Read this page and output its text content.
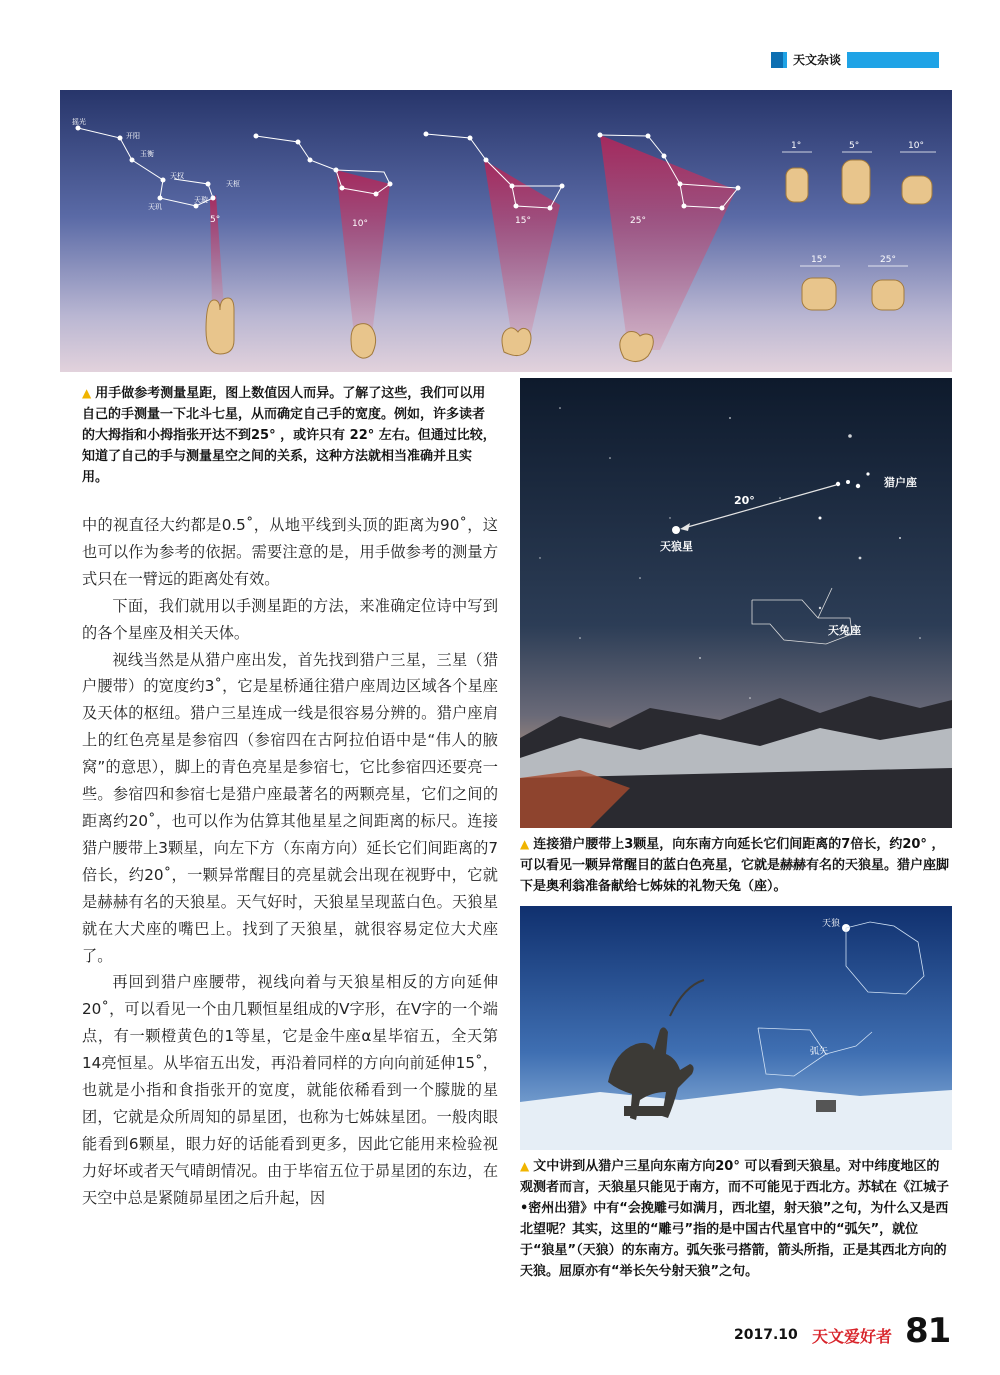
天文杂谈
摇光
开阳
玉衡
天权
天玑
天璇
天枢
5°	10°	15°	25°
1°	5°	10°
15°	25°
▲ 用手做参考测量星距，图上数值因人而异。了解了这些，我们可以用自己的手测量一下北斗七星，从而确定自己手的宽度。例如，许多读者的大拇指和小拇指张开达不到25° ，或许只有 22° 左右。但通过比较，知道了自己的手与测量星空之间的关系，这种方法就相当准确并且实用。

中的视直径大约都是0.5˚，从地平线到头顶的距离为90˚，这也可以作为参考的依据。需要注意的是，用手做参考的测量方式只在一臂远的距离处有效。

下面，我们就用以手测星距的方法，来准确定位诗中写到的各个星座及相关天体。

视线当然是从猎户座出发，首先找到猎户三星，三星（猎户腰带）的宽度约3˚，它是星桥通往猎户座周边区域各个星座及天体的枢纽。猎户三星连成一线是很容易分辨的。猎户座肩上的红色亮星是参宿四（参宿四在古阿拉伯语中是“伟人的腋窝”的意思），脚上的青色亮星是参宿七，它比参宿四还要亮一些。参宿四和参宿七是猎户座最著名的两颗亮星，它们之间的距离约20˚，也可以作为估算其他星星之间距离的标尺。连接猎户腰带上3颗星，向左下方（东南方向）延长它们间距离的7倍长，约20˚，一颗异常醒目的亮星就会出现在视野中，它就是赫赫有名的天狼星。天气好时，天狼星呈现蓝白色。天狼星就在大犬座的嘴巴上。找到了天狼星，就很容易定位大犬座了。

再回到猎户座腰带，视线向着与天狼星相反的方向延伸20˚，可以看见一个由几颗恒星组成的V字形，在V字的一个端点，有一颗橙黄色的1等星，它是金牛座α星毕宿五，全天第14亮恒星。从毕宿五出发，再沿着同样的方向向前延伸15˚，也就是小指和食指张开的宽度，就能依稀看到一个朦胧的星团，它就是众所周知的昴星团，也称为七姊妹星团。一般肉眼能看到6颗星，眼力好的话能看到更多，因此它能用来检验视力好坏或者天气晴朗情况。由于毕宿五位于昴星团的东边，在天空中总是紧随昴星团之后升起，因

20°
猎户座
天狼星
天兔座
▲ 连接猎户腰带上3颗星，向东南方向延长它们间距离的7倍长，约20° ，可以看见一颗异常醒目的蓝白色亮星，它就是赫赫有名的天狼星。猎户座脚下是奥利翁准备献给七姊妹的礼物天兔（座）。
天狼
弧矢
▲ 文中讲到从猎户三星向东南方向20° 可以看到天狼星。对中纬度地区的观测者而言，天狼星只能见于南方，而不可能见于西北方。苏轼在《江城子•密州出猎》中有“会挽雕弓如满月，西北望，射天狼”之句，为什么又是西北望呢？其实，这里的“雕弓”指的是中国古代星官中的“弧矢”，就位于“狼星”（天狼）的东南方。弧矢张弓搭箭，箭头所指，正是其西北方向的天狼。屈原亦有“举长矢兮射天狼”之句。
2017.10 天文爱好者 81
